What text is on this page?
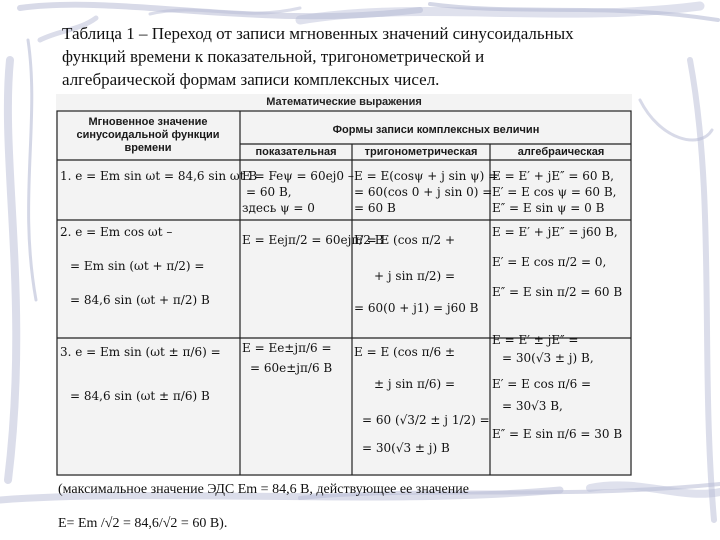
Таблица 1 – Переход от записи мгновенных значений синусоидальных
функций времени к показательной, тригонометрической и
алгебраической формам записи комплексных чисел.
Математические выражения
Мгновенное значение синусоидальной функции времени
Формы записи комплексных величин
показательная	тригонометрическая	алгебраическая
1. e = Em sin ωt = 84,6 sin ωt B
E = Feψ = 60ej0 –
= 60 B,
здесь ψ = 0
E = E(cosψ + j sin ψ) =
= 60(cos 0 + j sin 0) =
= 60 B
E = E′ + jE″ = 60 B,
E′ = E cos ψ = 60 B,
E″ = E sin ψ = 0 B
2. e = Em cos ωt –
= Em sin (ωt + π/2) =
= 84,6 sin (ωt + π/2) B
E = Eejπ/2 = 60ejπ/2 B
E = E (cos π/2 +
+ j sin π/2) =
= 60(0 + j1) = j60 B
E = E′ + jE″ = j60 B,
E′ = E cos π/2 = 0,
E″ = E sin π/2 = 60 B
3. e = Em sin (ωt ± π/6) =
= 84,6 sin (ωt ± π/6) B
E = Ee±jπ/6 =
= 60e±jπ/6 B
E = E (cos π/6 ±
± j sin π/6) =
= 60 (√3/2 ± j 1/2) =
= 30(√3 ± j) B
E = E′ ± jE″ =
= 30(√3 ± j) B,
E′ = E cos π/6 =
= 30√3 B,
E″ = E sin π/6 = 30 B
(максимальное значение ЭДС Em = 84,6 В, действующее ее значение
E= Em /√2 = 84,6/√2 = 60 В).
